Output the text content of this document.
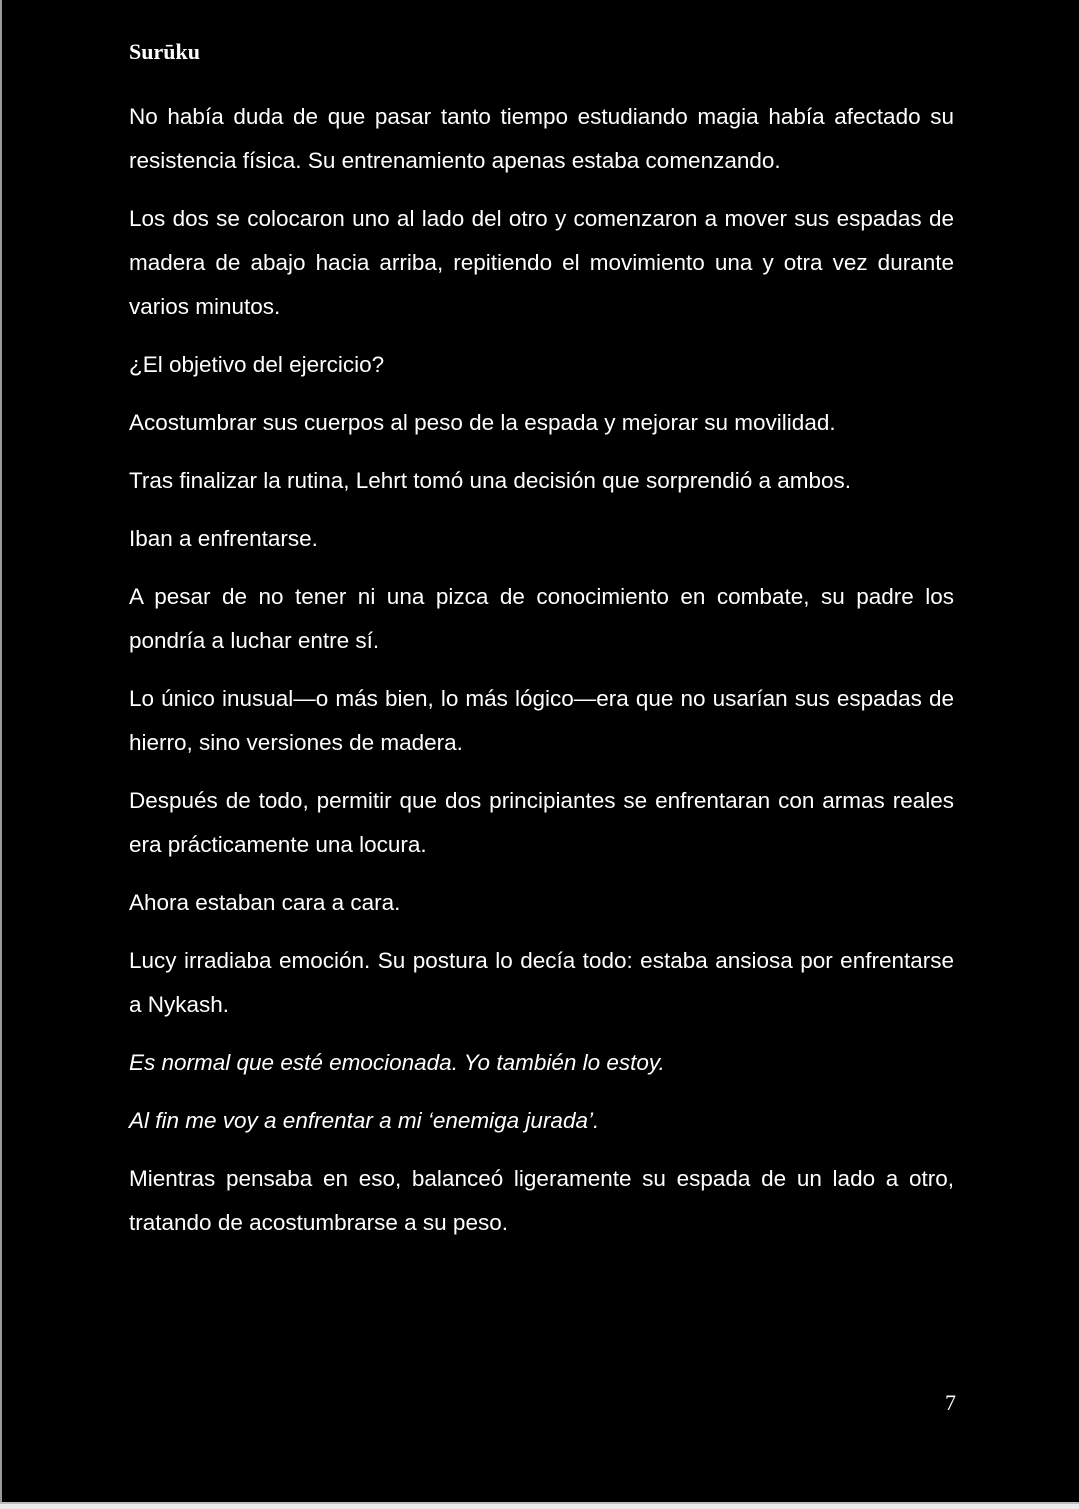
Surūku

No había duda de que pasar tanto tiempo estudiando magia había afectado su resistencia física. Su entrenamiento apenas estaba comenzando.

Los dos se colocaron uno al lado del otro y comenzaron a mover sus espadas de madera de abajo hacia arriba, repitiendo el movimiento una y otra vez durante varios minutos.

¿El objetivo del ejercicio?

Acostumbrar sus cuerpos al peso de la espada y mejorar su movilidad.

Tras finalizar la rutina, Lehrt tomó una decisión que sorprendió a ambos.

Iban a enfrentarse.

A pesar de no tener ni una pizca de conocimiento en combate, su padre los pondría a luchar entre sí.

Lo único inusual—o más bien, lo más lógico—era que no usarían sus espadas de hierro, sino versiones de madera.

Después de todo, permitir que dos principiantes se enfrentaran con armas reales era prácticamente una locura.

Ahora estaban cara a cara.

Lucy irradiaba emoción. Su postura lo decía todo: estaba ansiosa por enfrentarse a Nykash.

Es normal que esté emocionada. Yo también lo estoy.

Al fin me voy a enfrentar a mi ‘enemiga jurada’.

Mientras pensaba en eso, balanceó ligeramente su espada de un lado a otro, tratando de acostumbrarse a su peso.

7
